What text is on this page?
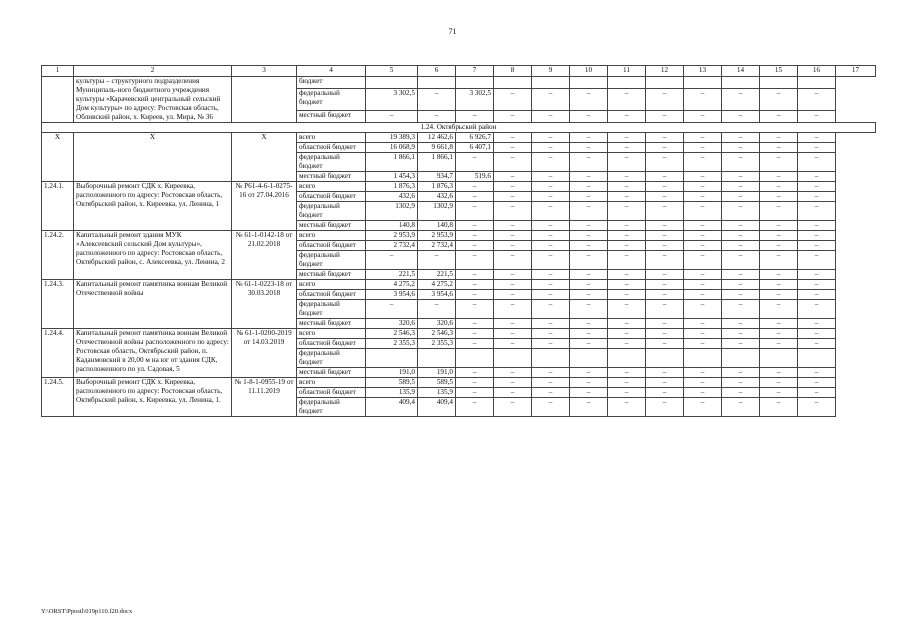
71
1	2	3	4	5	6	7	8	9	10	11	12	13	14	15	16	17
	культуры – структурного подразделения Муниципаль-ного бюджетного учреждения культуры «Карачевский центральный сельский Дом культуры» по адресу: Ростовская область, Обливский район, х. Киреев, ул. Мира, № 36		бюджет													
			федеральный бюджет	3 302,5	–	3 302,5	–	–	–	–	–	–	–	–	–	
			местный бюджет	–	–	–	–	–	–	–	–	–	–	–	–	
1.24. Октябрьский район																
Х	Х	Х	всего	19 389,3	12 462,6	6 926,7	–	–	–	–	–	–	–	–	–	
			областной бюджет	16 068,9	9 661,8	6 407,1	–	–	–	–	–	–	–	–	–	
			федеральный бюджет	1 866,1	1 866,1	–	–	–	–	–	–	–	–	–	–	
			местный бюджет	1 454,3	934,7	519,6	–	–	–	–	–	–	–	–	–	
1.24.1.	Выборочный ремонт СДК х. Киреевка, расположенного по адресу: Ростовская область, Октябрьский район, х. Киреевка, ул. Ленина, 1	№ Р61-4-6-1-0275-16 от 27.04.2016	всего	1 876,3	1 876,3	–	–	–	–	–	–	–	–	–	–	
			областной бюджет	432,6	432,6	–	–	–	–	–	–	–	–	–	–	
			федеральный бюджет	1302,9	1302,9	–	–	–	–	–	–	–	–	–	–	
			местный бюджет	140,8	140,8	–	–	–	–	–	–	–	–	–	–	
1.24.2.	Капитальный ремонт здания МУК «Алексеевский сельский Дом культуры», расположенного по адресу: Ростовская область, Октябрьский район, с. Алексеевка, ул. Ленина, 2	№ 61-1-0142-18 от 21.02.2018	всего	2 953,9	2 953,9	–	–	–	–	–	–	–	–	–	–	
			областной бюджет	2 732,4	2 732,4	–	–	–	–	–	–	–	–	–	–	
			федеральный бюджет	–	–	–	–	–	–	–	–	–	–	–	–	
			местный бюджет	221,5	221,5	–	–	–	–	–	–	–	–	–	–	
1.24.3.	Капитальный ремонт памятника воинам Великой Отечественной войны	№ 61-1-0223-18 от 30.03.2018	всего	4 275,2	4 275,2	–	–	–	–	–	–	–	–	–	–	
			областной бюджет	3 954,6	3 954,6	–	–	–	–	–	–	–	–	–	–	
			федеральный бюджет	–	–	–	–	–	–	–	–	–	–	–	–	
			местный бюджет	320,6	320,6	–	–	–	–	–	–	–	–	–	–	
1.24.4.	Капитальный ремонт памятника воинам Великой Отечественной войны расположенного по адресу: Ростовская область, Октябрьский район, п. Каданмовский в 20,00 м на юг от здания СДК, расположенного по ул. Садовая, 5	№ 61-1-0200-2019 от 14.03.2019	всего	2 546,3	2 546,3	–	–	–	–	–	–	–	–	–	–	
			областной бюджет	2 355,3	2 355,3	–	–	–	–	–	–	–	–	–	–	
			федеральный бюджет													
			местный бюджет	191,0	191,0	–	–	–	–	–	–	–	–	–	–	
1.24.5.	Выборочный ремонт СДК х. Киреевка, расположенного по адресу: Ростовская область, Октябрьский район, х. Киреевка, ул. Ленина, 1.	№ 1-8-1-0955-19 от 11.11.2019	всего	589,5	589,5	–	–	–	–	–	–	–	–	–	–	
			областной бюджет	135,9	135,9	–	–	–	–	–	–	–	–	–	–	
			федеральный бюджет	409,4	409,4	–	–	–	–	–	–	–	–	–	–	
Y:\ORST\Ppostl\019p110.f20.docx
